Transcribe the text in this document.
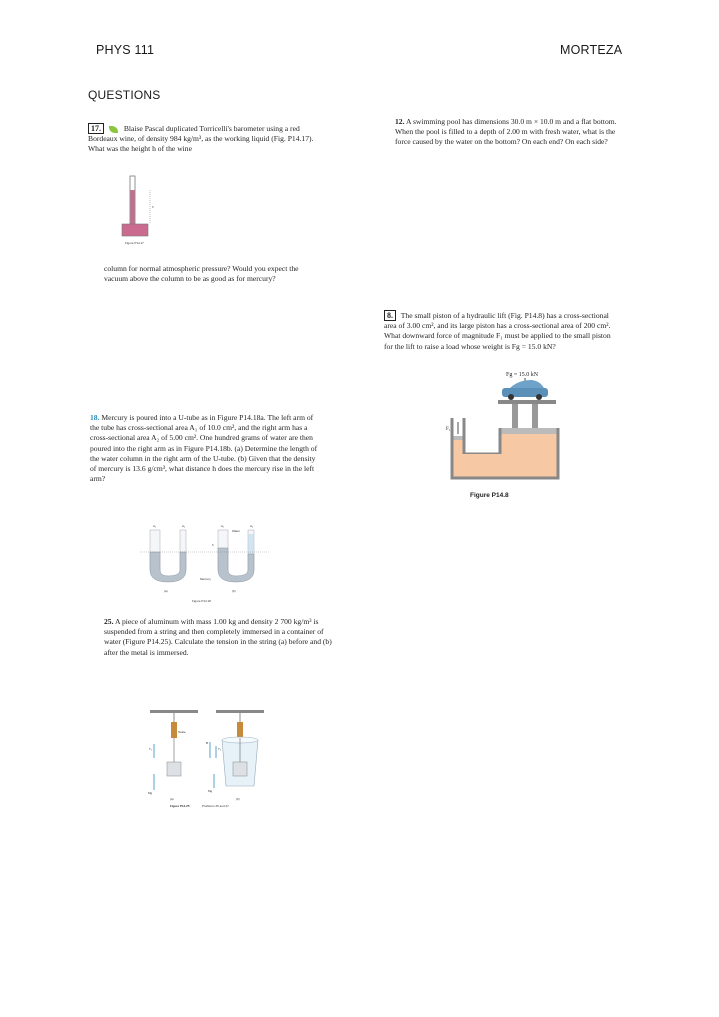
PHYS 111	MORTEZA
QUESTIONS
17.	Blaise Pascal duplicated Torricelli's barometer using a red Bordeaux wine, of density 984 kg/m³, as the working liquid (Fig. P14.17). What was the height h of the wine
h
Figure P14.17
column for normal atmospheric pressure? Would you expect the vacuum above the column to be as good as for mercury?
12. A swimming pool has dimensions 30.0 m × 10.0 m and a flat bottom. When the pool is filled to a depth of 2.00 m with fresh water, what is the force caused by the water on the bottom? On each end? On each side?
8. The small piston of a hydraulic lift (Fig. P14.8) has a cross-sectional area of 3.00 cm², and its large piston has a cross-sectional area of 200 cm². What downward force of magnitude F₁ must be applied to the small piston for the lift to raise a load whose weight is Fg = 15.0 kN?
Fg = 15.0 kN
F₁
Figure P14.8
18. Mercury is poured into a U-tube as in Figure P14.18a. The left arm of the tube has cross-sectional area A₁ of 10.0 cm², and the right arm has a cross-sectional area A₂ of 5.00 cm². One hundred grams of water are then poured into the right arm as in Figure P14.18b. (a) Determine the length of the water column in the right arm of the U-tube. (b) Given that the density of mercury is 13.6 g/cm³, what distance h does the mercury rise in the left arm?
A₁	A₂
(a)
A₁	A₂
Water
Mercury
(b)
h
Figure P14.18
25. A piece of aluminum with mass 1.00 kg and density 2 700 kg/m³ is suspended from a string and then completely immersed in a container of water (Figure P14.25). Calculate the tension in the string (a) before and (b) after the metal is immersed.
Scale
T₁
Mg
(a)
B
T₂
Mg
(b)
Figure P14.25	Problems 25 and 27.
